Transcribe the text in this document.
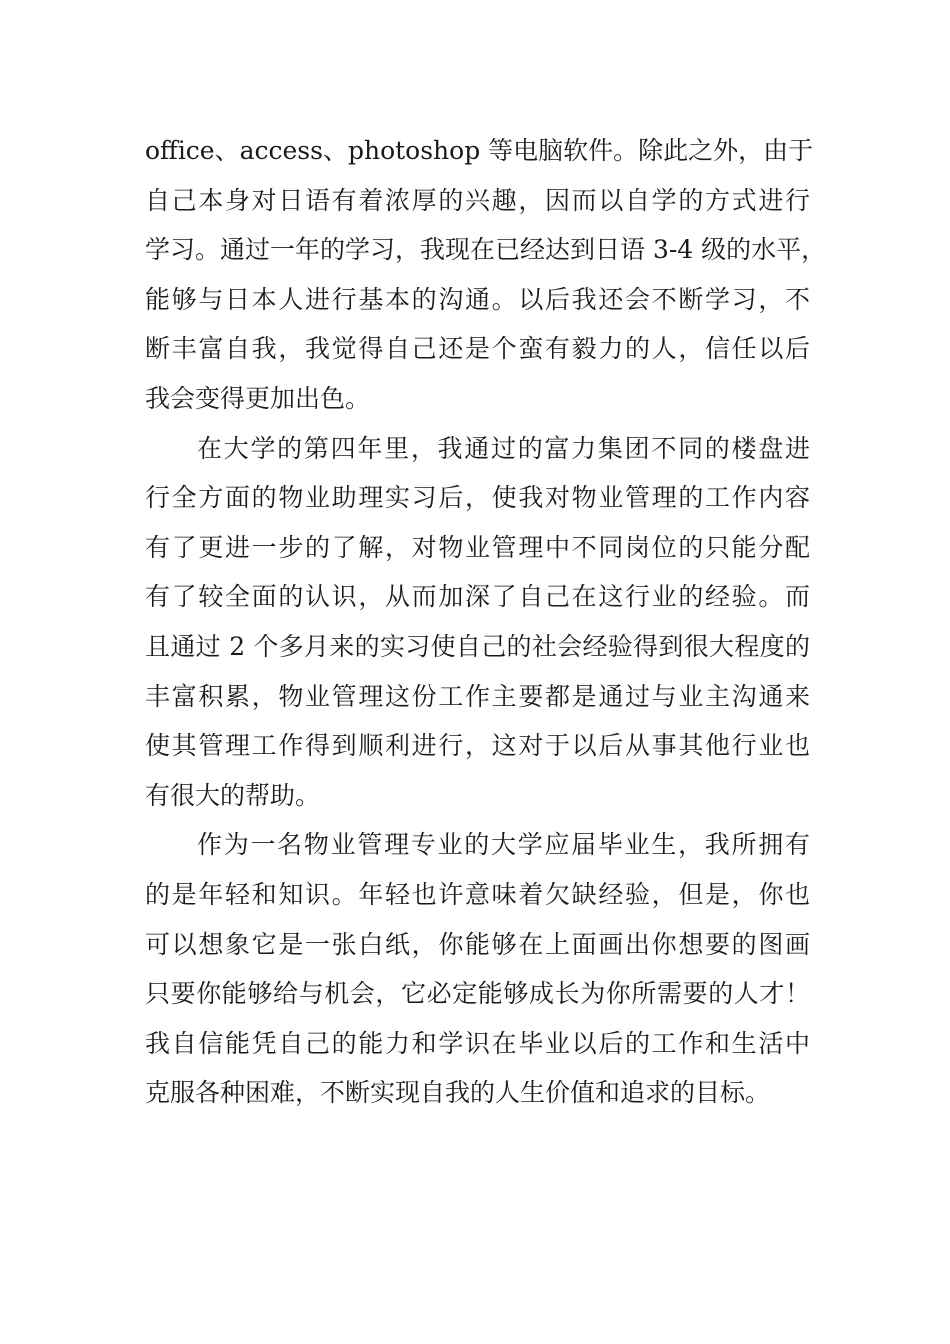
office、access、photoshop 等电脑软件。除此之外，由于
自己本身对日语有着浓厚的兴趣，因而以自学的方式进行
学习。通过一年的学习，我现在已经达到日语 3-4 级的水平，
能够与日本人进行基本的沟通。以后我还会不断学习，不
断丰富自我，我觉得自己还是个蛮有毅力的人，信任以后
我会变得更加出色。
在大学的第四年里，我通过的富力集团不同的楼盘进
行全方面的物业助理实习后，使我对物业管理的工作内容
有了更进一步的了解，对物业管理中不同岗位的只能分配
有了较全面的认识，从而加深了自己在这行业的经验。而
且通过 2 个多月来的实习使自己的社会经验得到很大程度的
丰富积累，物业管理这份工作主要都是通过与业主沟通来
使其管理工作得到顺利进行，这对于以后从事其他行业也
有很大的帮助。
作为一名物业管理专业的大学应届毕业生，我所拥有
的是年轻和知识。年轻也许意味着欠缺经验，但是，你也
可以想象它是一张白纸，你能够在上面画出你想要的图画
只要你能够给与机会，它必定能够成长为你所需要的人才！
我自信能凭自己的能力和学识在毕业以后的工作和生活中
克服各种困难，不断实现自我的人生价值和追求的目标。
